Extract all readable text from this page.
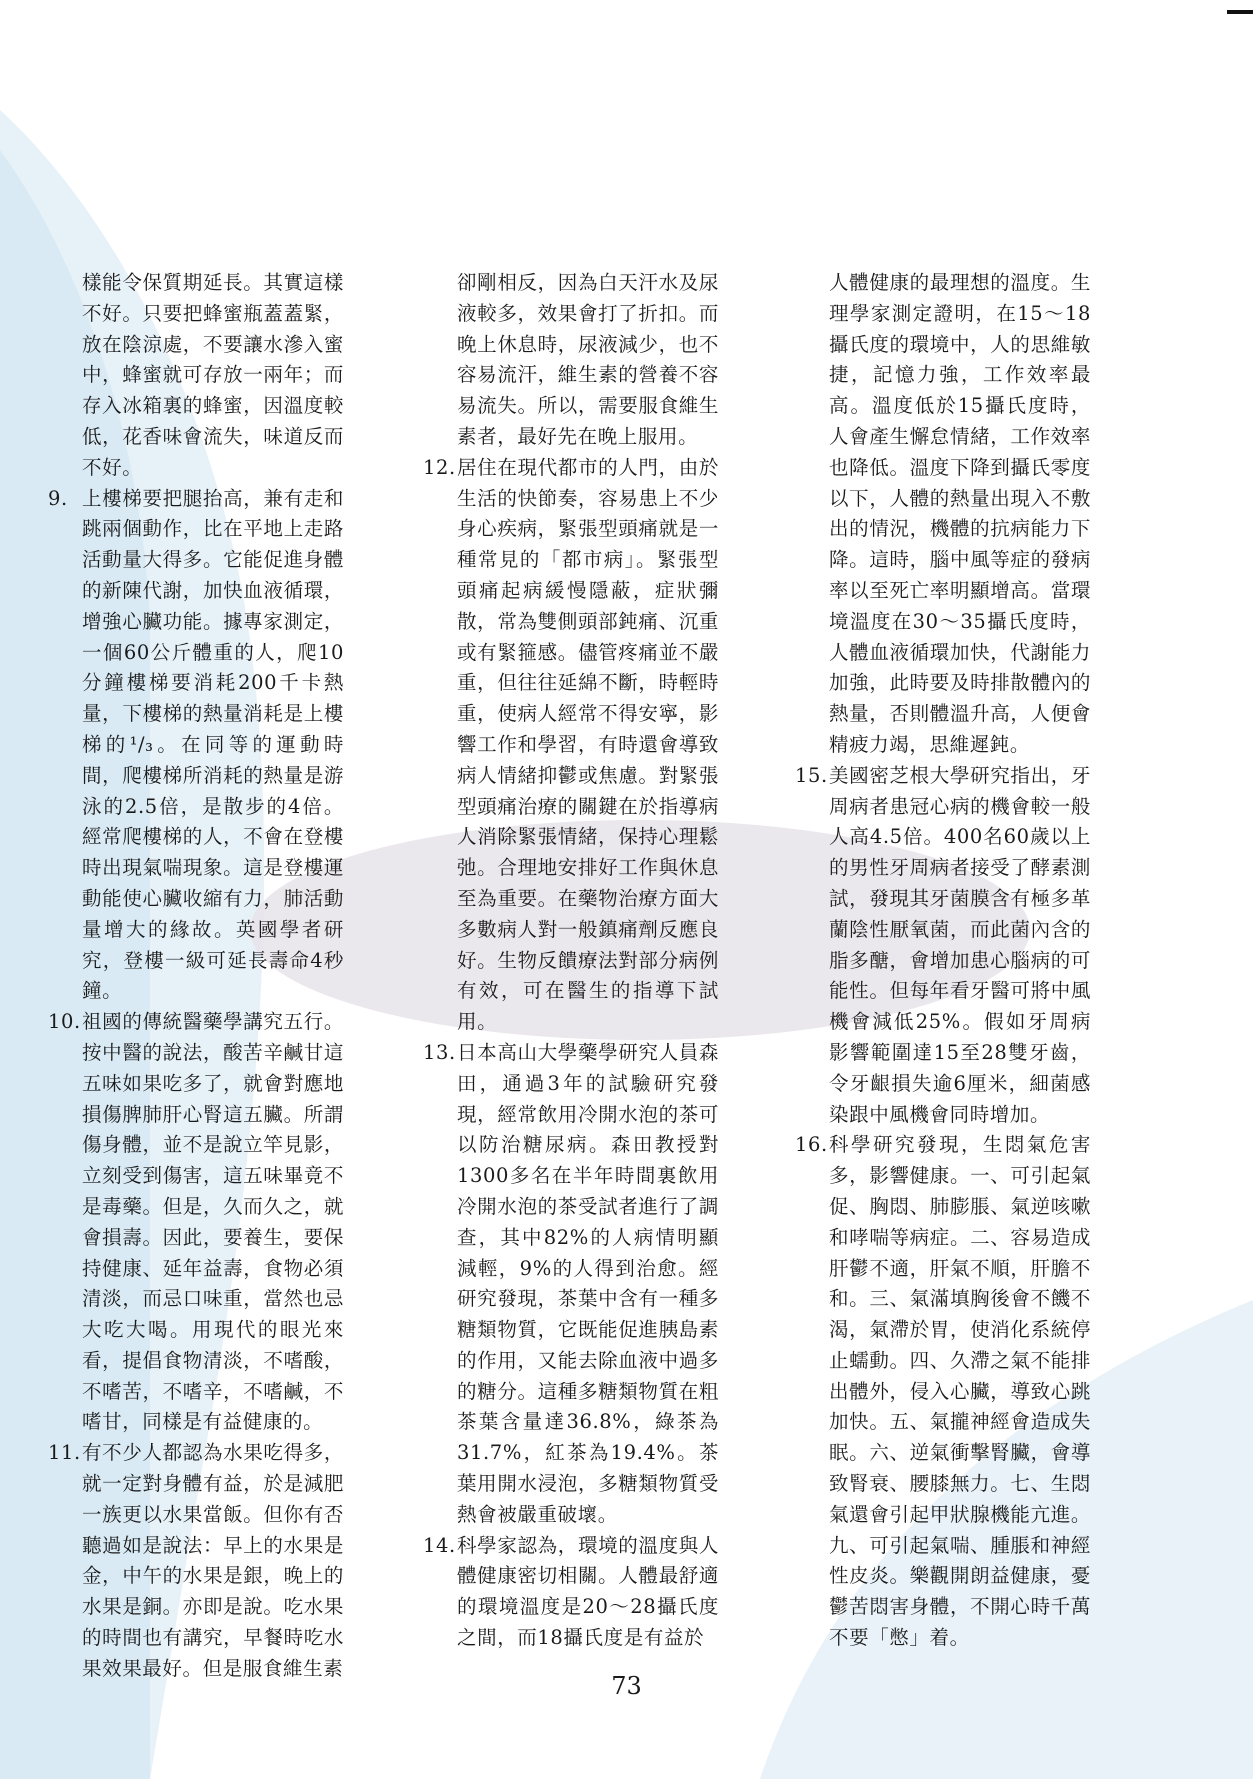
樣能令保質期延長。其實這樣不好。只要把蜂蜜瓶蓋蓋緊，放在陰涼處，不要讓水滲入蜜中，蜂蜜就可存放一兩年；而存入冰箱裏的蜂蜜，因溫度較低，花香味會流失，味道反而不好。
9. 上樓梯要把腿抬高，兼有走和跳兩個動作，比在平地上走路活動量大得多。它能促進身體的新陳代謝，加快血液循環，增強心臟功能。據專家測定，一個60公斤體重的人，爬10分鐘樓梯要消耗200千卡熱量，下樓梯的熱量消耗是上樓梯的¹/₃。在同等的運動時間，爬樓梯所消耗的熱量是游泳的2.5倍，是散步的4倍。經常爬樓梯的人，不會在登樓時出現氣喘現象。這是登樓運動能使心臟收縮有力，肺活動量增大的緣故。英國學者研究，登樓一級可延長壽命4秒鐘。
10. 祖國的傳統醫藥學講究五行。按中醫的說法，酸苦辛鹹甘這五味如果吃多了，就會對應地損傷脾肺肝心腎這五臟。所謂傷身體，並不是說立竿見影，立刻受到傷害，這五味畢竟不是毒藥。但是，久而久之，就會損壽。因此，要養生，要保持健康、延年益壽，食物必須清淡，而忌口味重，當然也忌大吃大喝。用現代的眼光來看，提倡食物清淡，不嗜酸，不嗜苦，不嗜辛，不嗜鹹，不嗜甘，同樣是有益健康的。
11. 有不少人都認為水果吃得多，就一定對身體有益，於是減肥一族更以水果當飯。但你有否聽過如是說法：早上的水果是金，中午的水果是銀，晚上的水果是銅。亦即是說。吃水果的時間也有講究，早餐時吃水果效果最好。但是服食維生素
卻剛相反，因為白天汗水及尿液較多，效果會打了折扣。而晚上休息時，尿液減少，也不容易流汗，維生素的營養不容易流失。所以，需要服食維生素者，最好先在晚上服用。
12. 居住在現代都市的人門，由於生活的快節奏，容易患上不少身心疾病，緊張型頭痛就是一種常見的「都市病」。緊張型頭痛起病緩慢隱蔽，症狀彌散，常為雙側頭部鈍痛、沉重或有緊箍感。儘管疼痛並不嚴重，但往往延綿不斷，時輕時重，使病人經常不得安寧，影響工作和學習，有時還會導致病人情緒抑鬱或焦慮。對緊張型頭痛治療的關鍵在於指導病人消除緊張情緒，保持心理鬆弛。合理地安排好工作與休息至為重要。在藥物治療方面大多數病人對一般鎮痛劑反應良好。生物反饋療法對部分病例有效，可在醫生的指導下試用。
13. 日本高山大學藥學研究人員森田，通過3年的試驗研究發現，經常飲用冷開水泡的茶可以防治糖尿病。森田教授對1300多名在半年時間裏飲用冷開水泡的茶受試者進行了調查，其中82%的人病情明顯減輕，9%的人得到治愈。經研究發現，茶葉中含有一種多糖類物質，它既能促進胰島素的作用，又能去除血液中過多的糖分。這種多糖類物質在粗茶葉含量達36.8%，綠茶為31.7%，紅茶為19.4%。茶葉用開水浸泡，多糖類物質受熱會被嚴重破壞。
14. 科學家認為，環境的溫度與人體健康密切相關。人體最舒適的環境溫度是20～28攝氏度之間，而18攝氏度是有益於
人體健康的最理想的溫度。生理學家測定證明，在15～18攝氏度的環境中，人的思維敏捷，記憶力強，工作效率最高。溫度低於15攝氏度時，人會產生懈怠情緒，工作效率也降低。溫度下降到攝氏零度以下，人體的熱量出現入不敷出的情況，機體的抗病能力下降。這時，腦中風等症的發病率以至死亡率明顯增高。當環境溫度在30～35攝氏度時，人體血液循環加快，代謝能力加強，此時要及時排散體內的熱量，否則體溫升高，人便會精疲力竭，思維遲鈍。
15. 美國密芝根大學研究指出，牙周病者患冠心病的機會較一般人高4.5倍。400名60歲以上的男性牙周病者接受了酵素測試，發現其牙菌膜含有極多革蘭陰性厭氧菌，而此菌內含的脂多醣，會增加患心腦病的可能性。但每年看牙醫可將中風機會減低25%。假如牙周病影響範圍達15至28雙牙齒，令牙齦損失逾6厘米，細菌感染跟中風機會同時增加。
16. 科學研究發現，生悶氣危害多，影響健康。一、可引起氣促、胸悶、肺膨脹、氣逆咳嗽和哮喘等病症。二、容易造成肝鬱不適，肝氣不順，肝膽不和。三、氣滿填胸後會不饑不渴，氣滯於胃，使消化系統停止蠕動。四、久滯之氣不能排出體外，侵入心臟，導致心跳加快。五、氣攏神經會造成失眠。六、逆氣衝擊腎臟，會導致腎衰、腰膝無力。七、生悶氣還會引起甲狀腺機能亢進。九、可引起氣喘、腫脹和神經性皮炎。樂觀開朗益健康，憂鬱苦悶害身體，不開心時千萬不要「憋」着。
73
